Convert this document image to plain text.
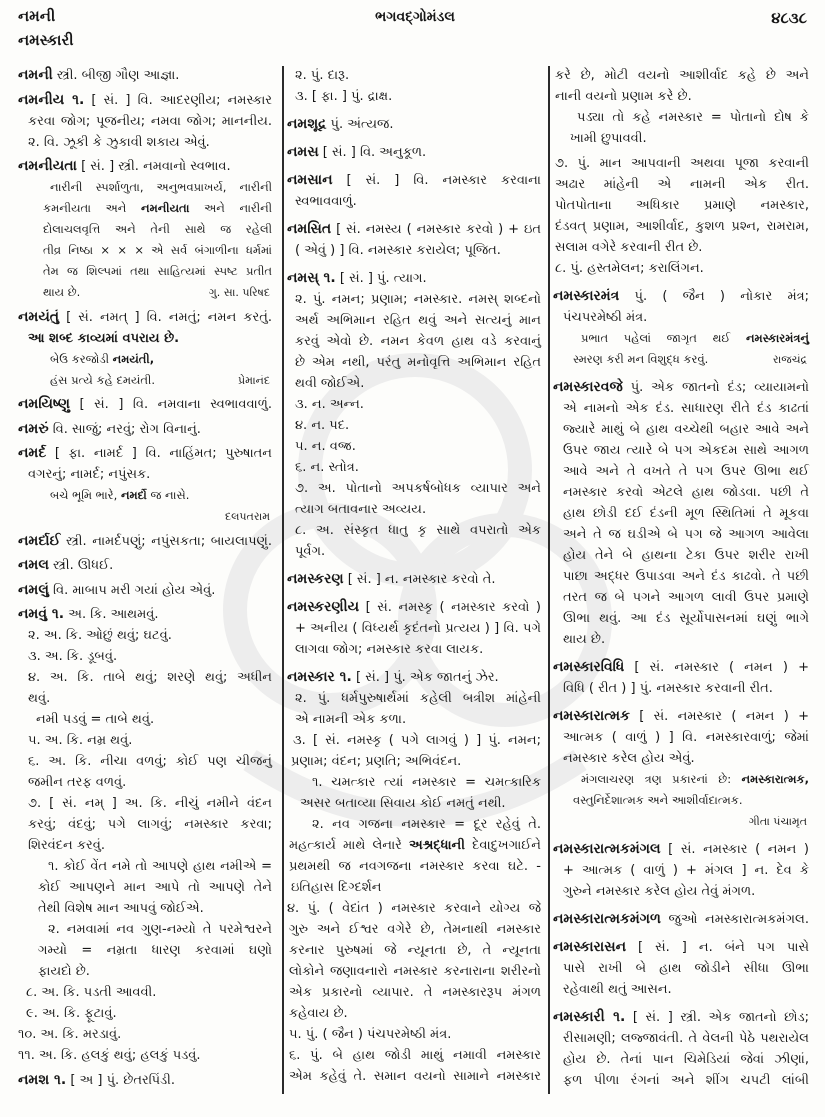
નમની
નમસ્કારી
ભગવદ્ગોમંડલ	૪૮૩૮
નમની સ્ત્રી. બીજી ગૌણ આજ્ઞા.
નમનીય ૧. [ સં. ] વિ. આદરણીય; નમસ્કાર
કરવા જોગ; પૂજનીય; નમવા જોગ; માનનીય.
૨. વિ. ઝૂકી કે ઝુકાવી શકાય એવું.
નમનીયતા [ સં. ] સ્ત્રી. નમવાનો સ્વભાવ.
નારીની સ્પર્શાળુતા, અનુભવપ્રાખર્ય, નારીની
કમનીયતા અને નમનીયતા અને નારીની
દોલાચલવૃત્તિ અને તેની સાથે જ રહેલી
તીવ્ર નિષ્ઠા × × × એ સર્વ બંગાળીના ધર્મમાં
તેમ જ શિલ્પમાં તથા સાહિત્યમાં સ્પષ્ટ પ્રતીત
થાય છે.	ગુ. સા. પરિષદ
નમયંતું [ સં. નમત્ ] વિ. નમતું; નમન કરતું.
આ શબ્દ કાવ્યમાં વપરાય છે.
બેઉ કરજોડી નમયંતી,
હંસ પ્રત્યે કહે દમયંતી.	પ્રેમાનંદ
નમયિષ્ણુ [ સં. ] વિ. નમવાના સ્વભાવવાળું.
નમરું વિ. સાજું; નરવું; રોગ વિનાનું.
નમર્દ [ ફા. નામર્દ ] વિ. નાહિંમત; પુરુષાતન
વગરનું; નામર્દ; નપુંસક.
બચે ભૂમિ ભારે, નમર્દો જ નાસે.
દલપતરામ
નમર્દાઈ સ્ત્રી. નામર્દપણું; નપુંસકતા; બાયલાપણું.
નમલ સ્ત્રી. ઊધઈ.
નમલું વિ. માબાપ મરી ગયાં હોય એવું.
નમવું ૧. અ. કિ. આથમવું.
૨. અ. કિ. ઓછું થવું; ઘટવું.
૩. અ. કિ. ડૂબવું.
૪. અ. કિ. તાબે થવું; શરણે થવું; અધીન
થવું.
નમી પડવું = તાબે થવું.
૫. અ. કિ. નમ્ર થવું.
૬. અ. કિ. નીચા વળવું; કોઈ પણ ચીજનું
જમીન તરફ વળવું.
૭. [ સં. નમ્ ] અ. કિ. નીચું નમીને વંદન
કરવું; વંદવું; પગે લાગવું; નમસ્કાર કરવા;
શિરવંદન કરવું.
૧. કોઈ વેંત નમે તો આપણે હાથ નમીએ =
કોઈ આપણને માન આપે તો આપણે તેને
તેથી વિશેષ માન આપવું જોઈએ.
૨. નમવામાં નવ ગુણ-નમ્યો તે પરમેશ્વરને
ગમ્યો = નમ્રતા ધારણ કરવામાં ઘણો
ફાયદો છે.
૮. અ. કિ. પડતી આવવી.
૯. અ. કિ. ફૂટાવું.
૧૦. અ. કિ. મરડાવું.
૧૧. અ. કિ. હલકું થવું; હલકું પડવું.
નમશ ૧. [ અ ] પું. છેતરપિંડી.
૨. પું. દારૂ.
૩. [ ફા. ] પું. દ્રાક્ષ.
નમશૂદ્ર પું. અંત્યજ.
નમસ [ સં. ] વિ. અનુકૂળ.
નમસાન [ સં. ] વિ. નમસ્કાર કરવાના
સ્વભાવવાળું.
નમસિત [ સં. નમસ્ય ( નમસ્કાર કરવો ) + ઇત
( એવું ) ] વિ. નમસ્કાર કરાયેલ; પૂજિત.
નમસ્ ૧. [ સં. ] પું. ત્યાગ.
૨. પું. નમન; પ્રણામ; નમસ્કાર. નમસ્ શબ્દનો
અર્થ અભિમાન રહિત થવું અને સત્યનું માન
કરવું એવો છે. નમન કેવળ હાથ વડે કરવાનું
છે એમ નથી, પરંતુ મનોવૃત્તિ અભિમાન રહિત
થવી જોઈએ.
૩. ન. અન્ન.
૪. ન. પદ.
૫. ન. વજ્ર.
૬. ન. સ્તોત્ર.
૭. અ. પોતાનો અપકર્ષબોધક વ્યાપાર અને
ત્યાગ બતાવનાર અવ્યય.
૮. અ. સંસ્કૃત ધાતુ કૃ સાથે વપરાતો એક
પૂર્વગ.
નમસ્કરણ [ સં. ] ન. નમસ્કાર કરવો તે.
નમસ્કરણીય [ સં. નમસ્કૃ ( નમસ્કાર કરવો )
+ અનીય ( વિધ્યર્થ કૃદંતનો પ્રત્યય ) ] વિ. પગે
લાગવા જોગ; નમસ્કાર કરવા લાયક.
નમસ્કાર ૧. [ સં. ] પું. એક જાતનું ઝેર.
૨. પું. ધર્મપુરુષાર્થમાં કહેલી બત્રીશ માંહેની
એ નામની એક કળા.
૩. [ સં. નમસ્કૃ ( પગે લાગવું ) ] પું. નમન;
પ્રણામ; વંદન; પ્રણતિ; અભિવંદન.
૧. ચમત્કાર ત્યાં નમસ્કાર = ચમત્કારિક
અસર બતાવ્યા સિવાય કોઈ નમતું નથી.
૨. નવ ગજના નમસ્કાર = દૂર રહેવું તે.
મહત્કાર્ય માથે લેનારે અશ્રદ્ધાની દેવાદુખગાઈને
પ્રથમથી જ નવગજના નમસ્કાર કરવા ઘટે. -
ઇતિહાસ દિગ્દર્શન
૪. પું. ( વેદાંત ) નમસ્કાર કરવાને યોગ્ય જે
ગુરુ અને ઈશ્વર વગેરે છે, તેમનાથી નમસ્કાર
કરનાર પુરુષમાં જે ન્યૂનતા છે, તે ન્યૂનતા
લોકોને જણાવનારો નમસ્કાર કરનારાના શરીરનો
એક પ્રકારનો વ્યાપાર. તે નમસ્કારરૂપ મંગળ
કહેવાય છે.
૫. પું. ( જૈન ) પંચપરમેષ્ઠી મંત્ર.
૬. પું. બે હાથ જોડી માથું નમાવી નમસ્કાર
એમ કહેવું તે. સમાન વયનો સામાને નમસ્કાર
કરે છે, મોટી વયનો આશીર્વાદ કહે છે અને
નાની વયનો પ્રણામ કરે છે.
પડ્યા તો કહે નમસ્કાર = પોતાનો દોષ કે
ખામી છુપાવવી.
૭. પું. માન આપવાની અથવા પૂજા કરવાની
અઢાર માંહેની એ નામની એક રીત.
પોતપોતાના અધિકાર પ્રમાણે નમસ્કાર,
દંડવત્ પ્રણામ, આશીર્વાદ, કુશળ પ્રશ્ન, રામરામ,
સલામ વગેરે કરવાની રીત છે.
૮. પું. હસ્તમેલન; કરાલિંગન.
નમસ્કારમંત્ર પું. ( જૈન ) નોકાર મંત્ર;
પંચપરમેષ્ઠી મંત્ર.
પ્રભાત પહેલાં જાગૃત થઈ નમસ્કારમંત્રનું
સ્મરણ કરી મન વિશુદ્ધ કરવું.	રાજચંદ્ર
નમસ્કારવજે પું. એક જાતનો દંડ; વ્યાયામનો
એ નામનો એક દંડ. સાધારણ રીતે દંડ કાઢતાં
જ્યારે માથું બે હાથ વચ્ચેથી બહાર આવે અને
ઉપર જાય ત્યારે બે પગ એકદમ સાથે આગળ
આવે અને તે વખતે તે પગ ઉપર ઊભા થઈ
નમસ્કાર કરવો એટલે હાથ જોડવા. પછી તે
હાથ છોડી દઈ દંડની મૂળ સ્થિતિમાં તે મૂકવા
અને તે જ ઘડીએ બે પગ જે આગળ આવેલા
હોય તેને બે હાથના ટેકા ઉપર શરીર રાખી
પાછા અદ્ધર ઉપાડવા અને દંડ કાઢવો. તે પછી
તરત જ બે પગને આગળ લાવી ઉપર પ્રમાણે
ઊભા થવું. આ દંડ સૂર્યોપાસનમાં ઘણું ભાગે
થાય છે.
નમસ્કારવિધિ [ સં. નમસ્કાર ( નમન ) +
વિધિ ( રીત ) ] પું. નમસ્કાર કરવાની રીત.
નમસ્કારાત્મક [ સં. નમસ્કાર ( નમન ) +
આત્મક ( વાળું ) ] વિ. નમસ્કારવાળું; જેમાં
નમસ્કાર કરેલ હોય એવું.
મંગલાચરણ ત્રણ પ્રકારનાં છે: નમસ્કારાત્મક,
વસ્તુનિર્દેશાત્મક અને આશીર્વાદાત્મક.
ગીતા પંચામૃત
નમસ્કારાત્મકમંગલ [ સં. નમસ્કાર ( નમન )
+ આત્મક ( વાળું ) + મંગલ ] ન. દેવ કે
ગુરુને નમસ્કાર કરેલ હોય તેવું મંગળ.
નમસ્કારાત્મકમંગળ જુઓ નમસ્કારાત્મકમંગલ.
નમસ્કારાસન [ સં. ] ન. બંને પગ પાસે
પાસે રાખી બે હાથ જોડીને સીધા ઊભા
રહેવાથી થતું આસન.
નમસ્કારી ૧. [ સં. ] સ્ત્રી. એક જાતનો છોડ;
રીસામણી; લજ્જાવંતી. તે વેલની પેઠે પથરાયેલ
હોય છે. તેનાં પાન ચિમેડિયાં જેવાં ઝીણાં,
ફળ પીળા રંગનાં અને શીંગ ચપટી લાંબી
